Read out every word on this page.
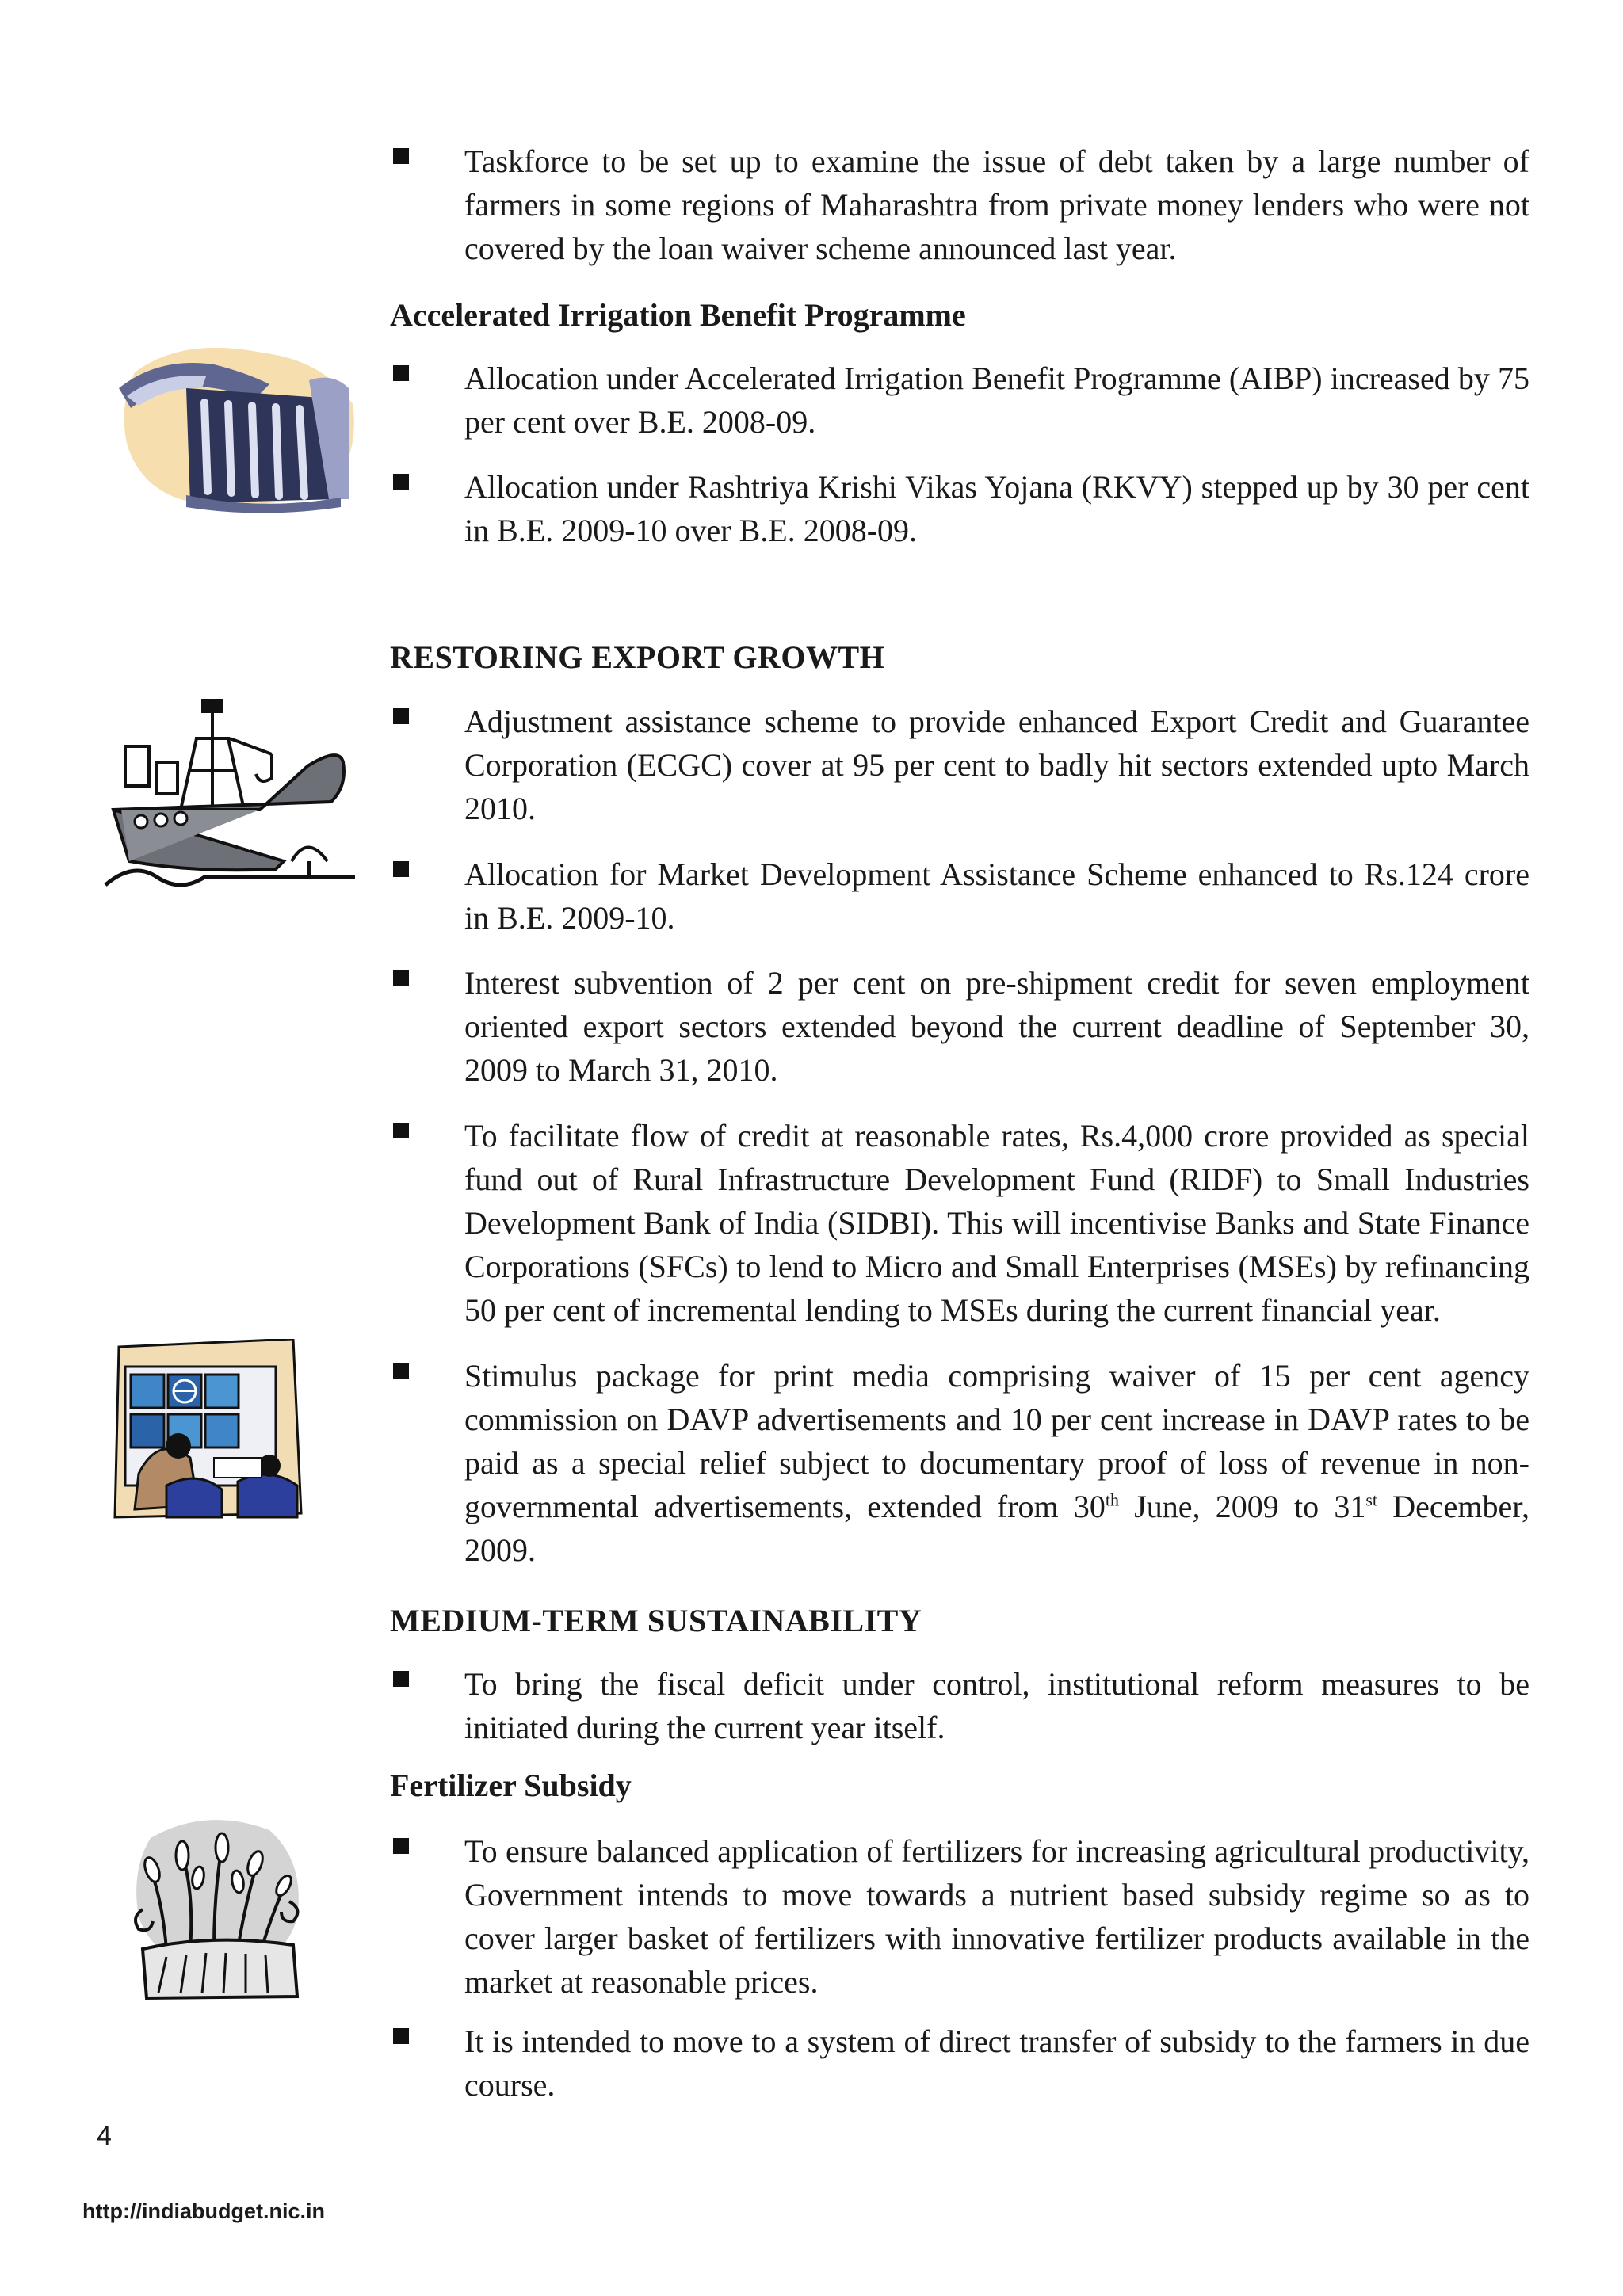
Taskforce to be set up to examine the issue of debt taken by a large number of farmers in some regions of Maharashtra from private money lenders who were not covered by the loan waiver scheme announced last year.
Accelerated Irrigation Benefit Programme
Allocation under Accelerated Irrigation Benefit Programme (AIBP) increased by 75 per cent over B.E. 2008-09.
Allocation under Rashtriya Krishi Vikas Yojana (RKVY) stepped up by 30 per cent in B.E. 2009-10 over B.E. 2008-09.
RESTORING EXPORT GROWTH
Adjustment assistance scheme to provide enhanced Export Credit and Guarantee Corporation (ECGC) cover at 95 per cent to badly hit sectors extended upto March 2010.
Allocation for Market Development Assistance Scheme enhanced to Rs.124 crore in B.E. 2009-10.
Interest subvention of 2 per cent on pre-shipment credit for seven employment oriented export sectors extended beyond the current deadline of September 30, 2009 to March 31, 2010.
To facilitate flow of credit at reasonable rates, Rs.4,000 crore provided as special fund out of Rural Infrastructure Development Fund (RIDF) to Small Industries Development Bank of India (SIDBI). This will incentivise Banks and State Finance Corporations (SFCs) to lend to Micro and Small Enterprises (MSEs) by refinancing 50 per cent of incremental lending to MSEs during the current financial year.
Stimulus package for print media comprising waiver of 15 per cent agency commission on DAVP advertisements and 10 per cent increase in DAVP rates to be paid as a special relief subject to documentary proof of loss of revenue in non-governmental advertisements, extended from 30th June, 2009 to 31st December, 2009.
MEDIUM-TERM SUSTAINABILITY
To bring the fiscal deficit under control, institutional reform measures to be initiated during the current year itself.
Fertilizer Subsidy
To ensure balanced application of fertilizers for increasing agricultural productivity, Government intends to move towards a nutrient based subsidy regime so as to cover larger basket of fertilizers with innovative fertilizer products available in the market at reasonable prices.
It is intended to move to a system of direct transfer of subsidy to the farmers in due course.
4
http://indiabudget.nic.in
